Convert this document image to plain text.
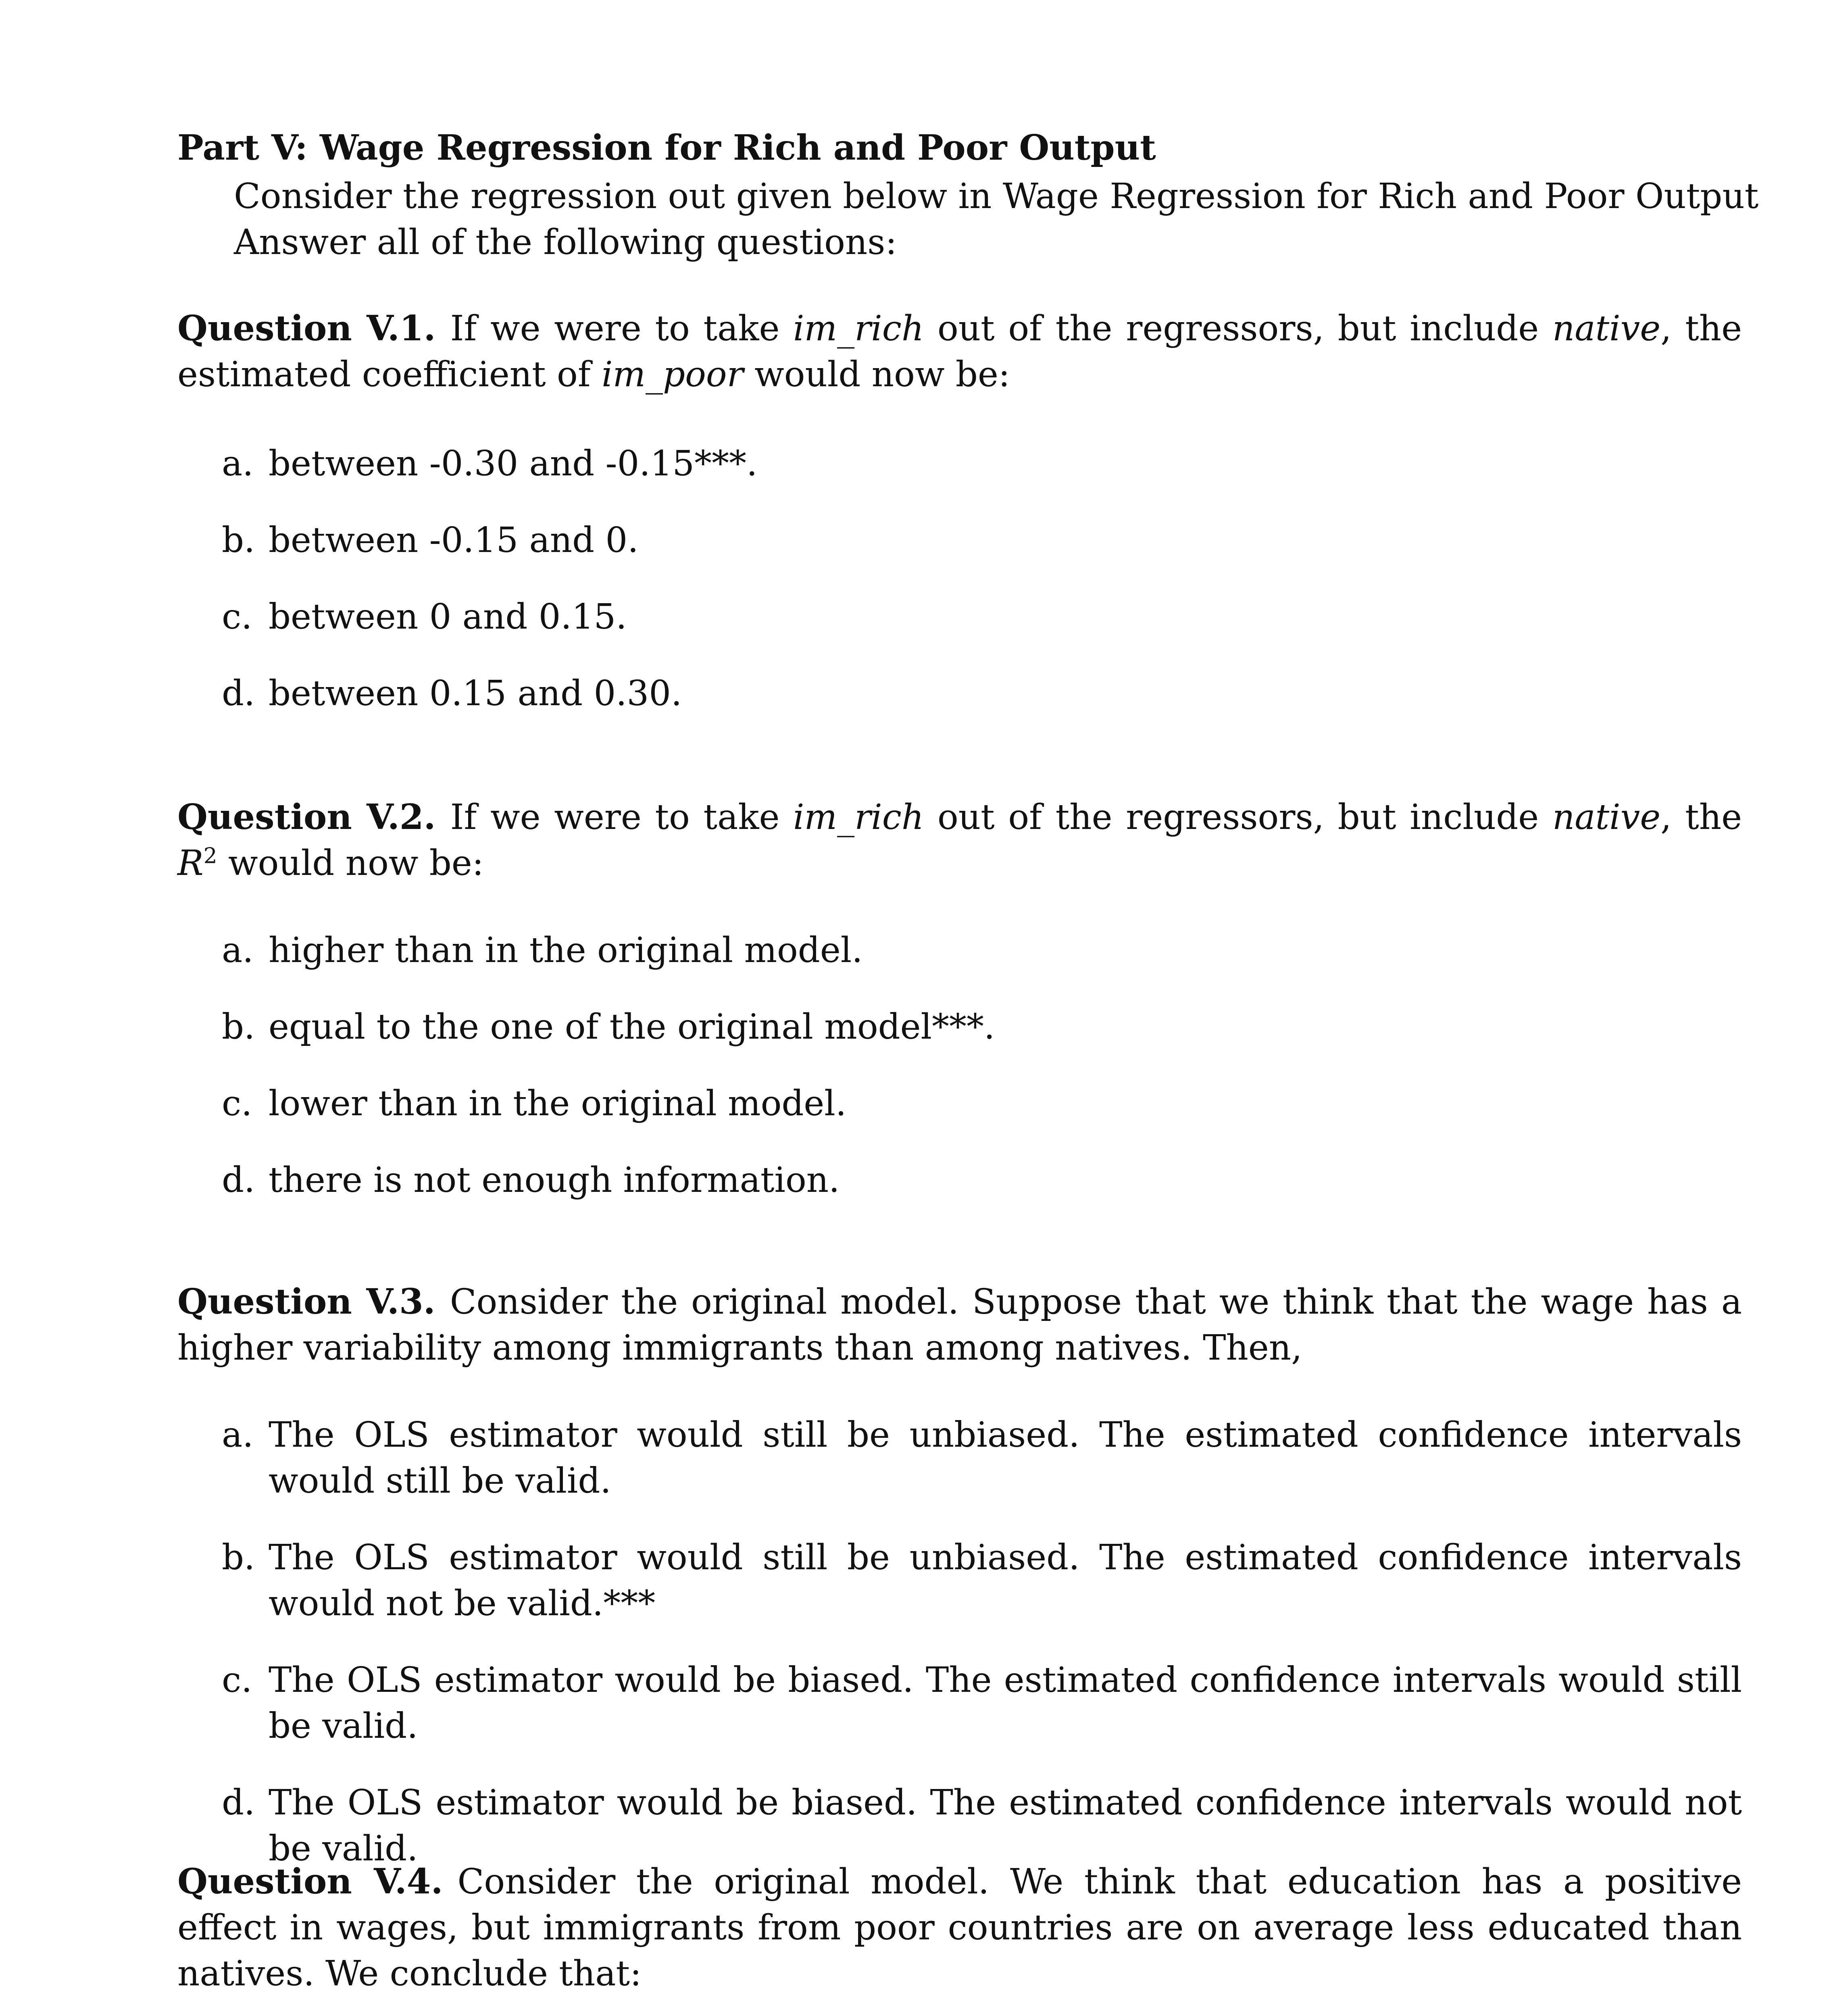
Part V: Wage Regression for Rich and Poor Output

Consider the regression out given below in Wage Regression for Rich and Poor Output

Answer all of the following questions:

Question V.1. If we were to take im_rich out of the regressors, but include native, the estimated coefficient of im_poor would now be:
a. between -0.30 and -0.15***.
b. between -0.15 and 0.
c. between 0 and 0.15.
d. between 0.15 and 0.30.
Question V.2. If we were to take im_rich out of the regressors, but include native, the $R^2$ would now be:
a. higher than in the original model.
b. equal to the one of the original model***.
c. lower than in the original model.
d. there is not enough information.
Question V.3. Consider the original model. Suppose that we think that the wage has a higher variability among immigrants than among natives. Then,
a. The OLS estimator would still be unbiased. The estimated confidence intervals would still be valid.
b. The OLS estimator would still be unbiased. The estimated confidence intervals would not be valid.***
c. The OLS estimator would be biased. The estimated confidence intervals would still be valid.
d. The OLS estimator would be biased. The estimated confidence intervals would not be valid.
Question V.4. Consider the original model. We think that education has a positive effect in wages, but immigrants from poor countries are on average less educated than natives. We conclude that:
